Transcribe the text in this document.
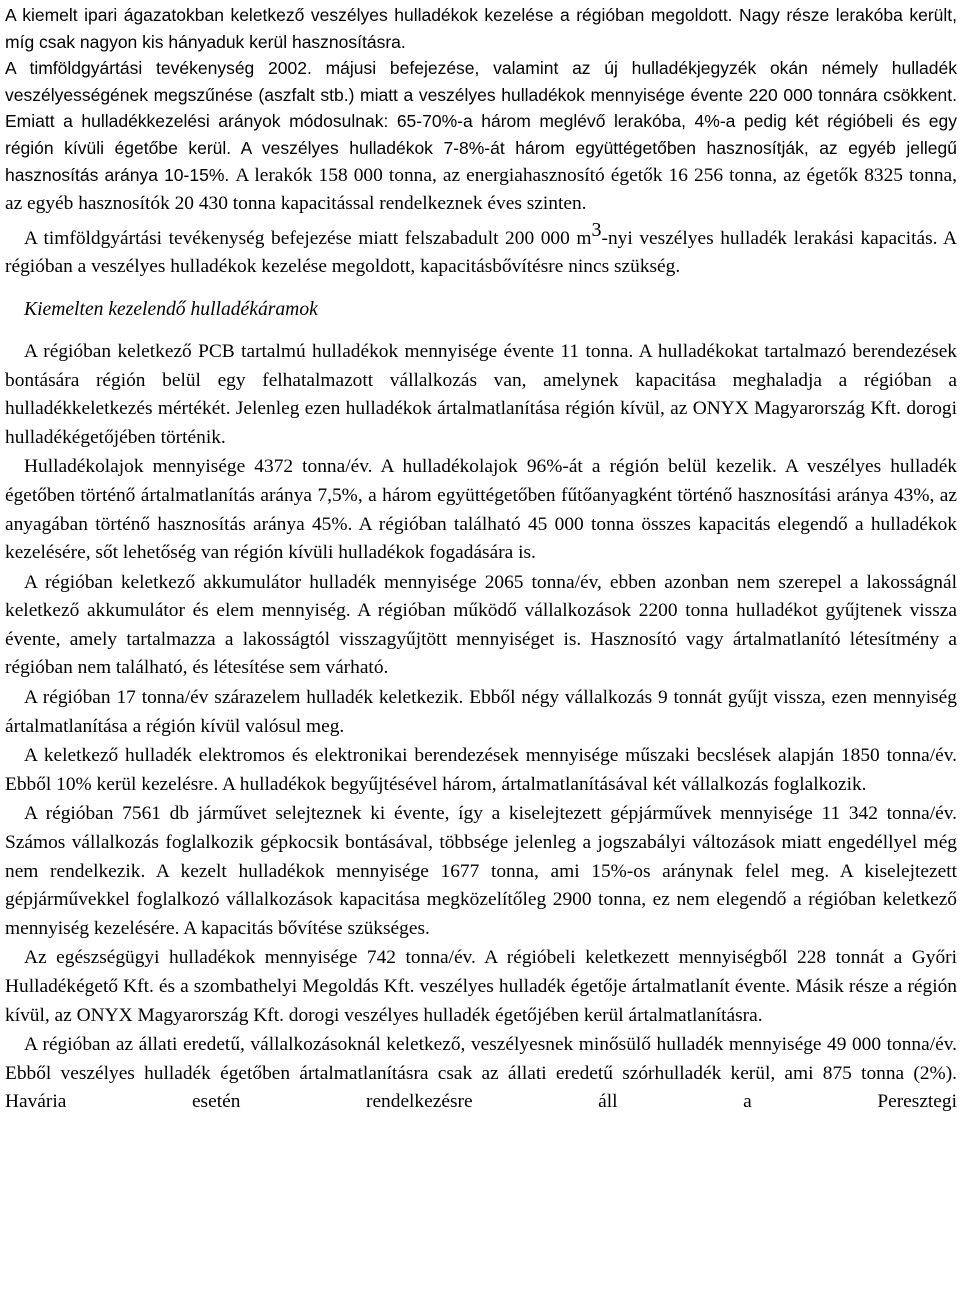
A kiemelt ipari ágazatokban keletkező veszélyes hulladékok kezelése a régióban megoldott. Nagy része lerakóba került, míg csak nagyon kis hányaduk kerül hasznosításra.

A timföldgyártási tevékenység 2002. májusi befejezése, valamint az új hulladékjegyzék okán némely hulladék veszélyességének megszűnése (aszfalt stb.) miatt a veszélyes hulladékok mennyisége évente 220 000 tonnára csökkent. Emiatt a hulladékkezelési arányok módosulnak: 65-70%-a három meglévő lerakóba, 4%-a pedig két régióbeli és egy régión kívüli égetőbe kerül. A veszélyes hulladékok 7-8%-át három együttégetőben hasznosítják, az egyéb jellegű hasznosítás aránya 10-15%. A lerakók 158 000 tonna, az energiahasznosító égetők 16 256 tonna, az égetők 8325 tonna, az egyéb hasznosítók 20 430 tonna kapacitással rendelkeznek éves szinten.

A timföldgyártási tevékenység befejezése miatt felszabadult 200 000 $m^3$-nyi veszélyes hulladék lerakási kapacitás. A régióban a veszélyes hulladékok kezelése megoldott, kapacitásbővítésre nincs szükség.

Kiemelten kezelendő hulladékáramok

A régióban keletkező PCB tartalmú hulladékok mennyisége évente 11 tonna. A hulladékokat tartalmazó berendezések bontására régión belül egy felhatalmazott vállalkozás van, amelynek kapacitása meghaladja a régióban a hulladékkeletkezés mértékét. Jelenleg ezen hulladékok ártalmatlanítása régión kívül, az ONYX Magyarország Kft. dorogi hulladékégetőjében történik.

Hulladékolajok mennyisége 4372 tonna/év. A hulladékolajok 96%-át a régión belül kezelik. A veszélyes hulladék égetőben történő ártalmatlanítás aránya 7,5%, a három együttégetőben fűtőanyagként történő hasznosítási aránya 43%, az anyagában történő hasznosítás aránya 45%. A régióban található 45 000 tonna összes kapacitás elegendő a hulladékok kezelésére, sőt lehetőség van régión kívüli hulladékok fogadására is.

A régióban keletkező akkumulátor hulladék mennyisége 2065 tonna/év, ebben azonban nem szerepel a lakosságnál keletkező akkumulátor és elem mennyiség. A régióban működő vállalkozások 2200 tonna hulladékot gyűjtenek vissza évente, amely tartalmazza a lakosságtól visszagyűjtött mennyiséget is. Hasznosító vagy ártalmatlanító létesítmény a régióban nem található, és létesítése sem várható.

A régióban 17 tonna/év szárazelem hulladék keletkezik. Ebből négy vállalkozás 9 tonnát gyűjt vissza, ezen mennyiség ártalmatlanítása a régión kívül valósul meg.

A keletkező hulladék elektromos és elektronikai berendezések mennyisége műszaki becslések alapján 1850 tonna/év. Ebből 10% kerül kezelésre. A hulladékok begyűjtésével három, ártalmatlanításával két vállalkozás foglalkozik.

A régióban 7561 db járművet selejteznek ki évente, így a kiselejtezett gépjárművek mennyisége 11 342 tonna/év. Számos vállalkozás foglalkozik gépkocsik bontásával, többsége jelenleg a jogszabályi változások miatt engedéllyel még nem rendelkezik. A kezelt hulladékok mennyisége 1677 tonna, ami 15%-os aránynak felel meg. A kiselejtezett gépjárművekkel foglalkozó vállalkozások kapacitása megközelítőleg 2900 tonna, ez nem elegendő a régióban keletkező mennyiség kezelésére. A kapacitás bővítése szükséges.

Az egészségügyi hulladékok mennyisége 742 tonna/év. A régióbeli keletkezett mennyiségből 228 tonnát a Győri Hulladékégető Kft. és a szombathelyi Megoldás Kft. veszélyes hulladék égetője ártalmatlanít évente. Másik része a régión kívül, az ONYX Magyarország Kft. dorogi veszélyes hulladék égetőjében kerül ártalmatlanításra.

A régióban az állati eredetű, vállalkozásoknál keletkező, veszélyesnek minősülő hulladék mennyisége 49 000 tonna/év. Ebből veszélyes hulladék égetőben ártalmatlanításra csak az állati eredetű szórhulladék kerül, ami 875 tonna (2%). Havária esetén rendelkezésre áll a Peresztegi
